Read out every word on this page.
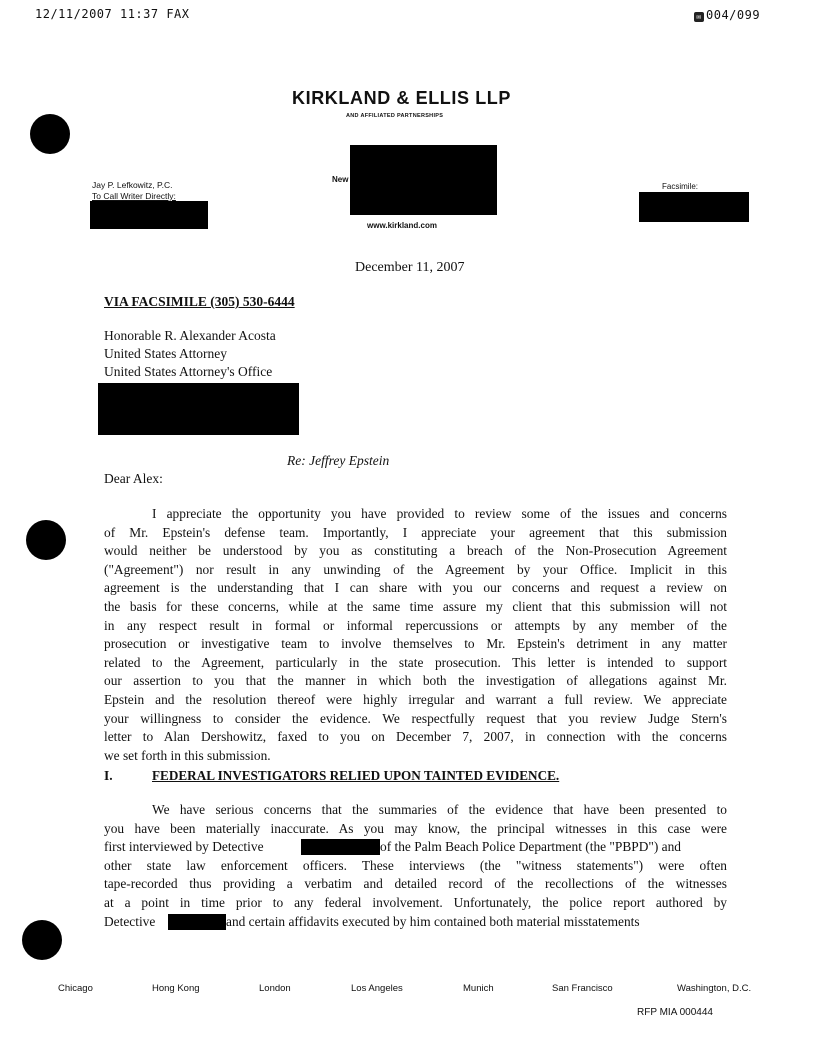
12/11/2007 11:37 FAX	✉ 004/099
KIRKLAND & ELLIS LLP
AND AFFILIATED PARTNERSHIPS
Jay P. Lefkowitz, P.C.
To Call Writer Directly:
New
www.kirkland.com
Facsimile:
December 11, 2007
VIA FACSIMILE (305) 530-6444
Honorable R. Alexander Acosta
United States Attorney
United States Attorney's Office
Re: Jeffrey Epstein
Dear Alex:
I appreciate the opportunity you have provided to review some of the issues and concerns
of Mr. Epstein's defense team. Importantly, I appreciate your agreement that this submission
would neither be understood by you as constituting a breach of the Non-Prosecution Agreement
("Agreement") nor result in any unwinding of the Agreement by your Office. Implicit in this
agreement is the understanding that I can share with you our concerns and request a review on
the basis for these concerns, while at the same time assure my client that this submission will not
in any respect result in formal or informal repercussions or attempts by any member of the
prosecution or investigative team to involve themselves to Mr. Epstein's detriment in any matter
related to the Agreement, particularly in the state prosecution. This letter is intended to support
our assertion to you that the manner in which both the investigation of allegations against Mr.
Epstein and the resolution thereof were highly irregular and warrant a full review. We appreciate
your willingness to consider the evidence. We respectfully request that you review Judge Stern's
letter to Alan Dershowitz, faxed to you on December 7, 2007, in connection with the concerns
we set forth in this submission.
I.	FEDERAL INVESTIGATORS RELIED UPON TAINTED EVIDENCE.
We have serious concerns that the summaries of the evidence that have been presented to
you have been materially inaccurate. As you may know, the principal witnesses in this case were
first interviewed by Detective	of the Palm Beach Police Department (the "PBPD") and
other state law enforcement officers. These interviews (the "witness statements") were often
tape-recorded thus providing a verbatim and detailed record of the recollections of the witnesses
at a point in time prior to any federal involvement. Unfortunately, the police report authored by
Detective	and certain affidavits executed by him contained both material misstatements
Chicago	Hong Kong	London	Los Angeles	Munich	San Francisco	Washington, D.C.
RFP MIA 000444
